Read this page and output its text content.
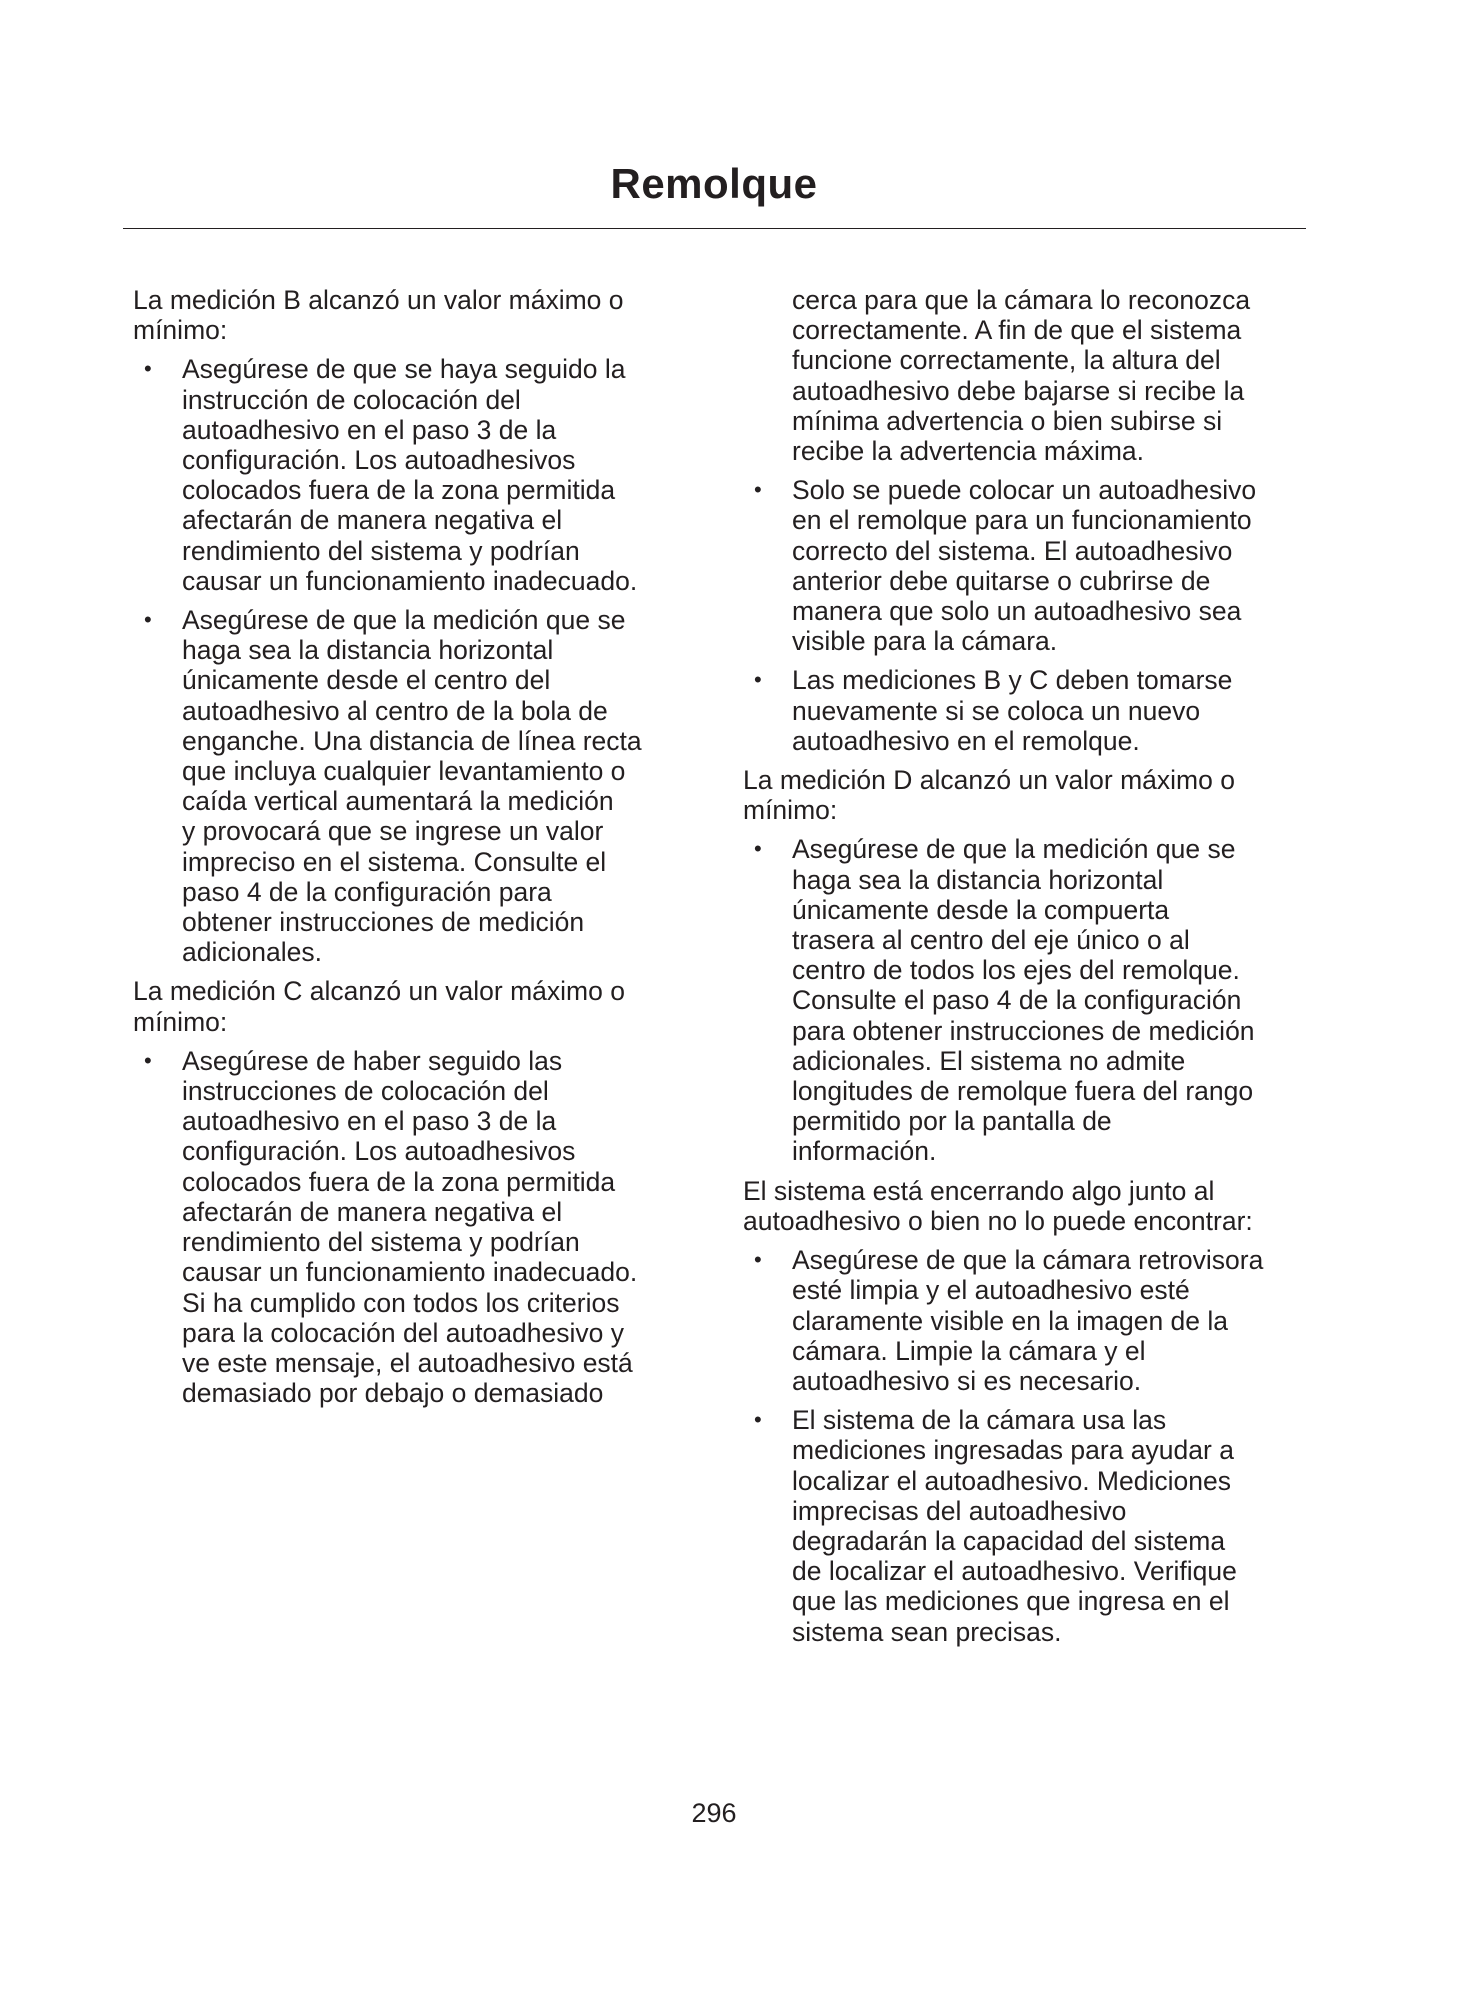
Remolque
La medición B alcanzó un valor máximo o
mínimo:
• Asegúrese de que se haya seguido la
instrucción de colocación del
autoadhesivo en el paso 3 de la
configuración. Los autoadhesivos
colocados fuera de la zona permitida
afectarán de manera negativa el
rendimiento del sistema y podrían
causar un funcionamiento inadecuado.
• Asegúrese de que la medición que se
haga sea la distancia horizontal
únicamente desde el centro del
autoadhesivo al centro de la bola de
enganche. Una distancia de línea recta
que incluya cualquier levantamiento o
caída vertical aumentará la medición
y provocará que se ingrese un valor
impreciso en el sistema. Consulte el
paso 4 de la configuración para
obtener instrucciones de medición
adicionales.
La medición C alcanzó un valor máximo o
mínimo:
• Asegúrese de haber seguido las
instrucciones de colocación del
autoadhesivo en el paso 3 de la
configuración. Los autoadhesivos
colocados fuera de la zona permitida
afectarán de manera negativa el
rendimiento del sistema y podrían
causar un funcionamiento inadecuado.
Si ha cumplido con todos los criterios
para la colocación del autoadhesivo y
ve este mensaje, el autoadhesivo está
demasiado por debajo o demasiado
cerca para que la cámara lo reconozca
correctamente. A fin de que el sistema
funcione correctamente, la altura del
autoadhesivo debe bajarse si recibe la
mínima advertencia o bien subirse si
recibe la advertencia máxima.
• Solo se puede colocar un autoadhesivo
en el remolque para un funcionamiento
correcto del sistema. El autoadhesivo
anterior debe quitarse o cubrirse de
manera que solo un autoadhesivo sea
visible para la cámara.
• Las mediciones B y C deben tomarse
nuevamente si se coloca un nuevo
autoadhesivo en el remolque.
La medición D alcanzó un valor máximo o
mínimo:
• Asegúrese de que la medición que se
haga sea la distancia horizontal
únicamente desde la compuerta
trasera al centro del eje único o al
centro de todos los ejes del remolque.
Consulte el paso 4 de la configuración
para obtener instrucciones de medición
adicionales. El sistema no admite
longitudes de remolque fuera del rango
permitido por la pantalla de
información.
El sistema está encerrando algo junto al
autoadhesivo o bien no lo puede encontrar:
• Asegúrese de que la cámara retrovisora
esté limpia y el autoadhesivo esté
claramente visible en la imagen de la
cámara. Limpie la cámara y el
autoadhesivo si es necesario.
• El sistema de la cámara usa las
mediciones ingresadas para ayudar a
localizar el autoadhesivo. Mediciones
imprecisas del autoadhesivo
degradarán la capacidad del sistema
de localizar el autoadhesivo. Verifique
que las mediciones que ingresa en el
sistema sean precisas.
296
